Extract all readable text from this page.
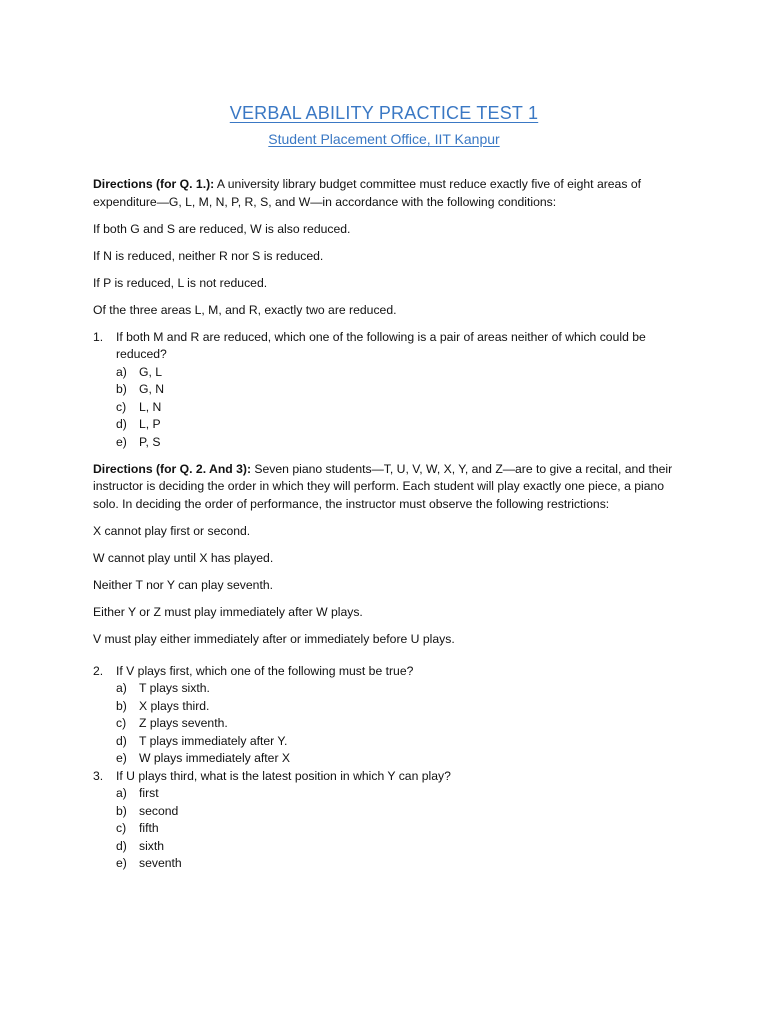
VERBAL ABILITY PRACTICE TEST 1
Student Placement Office, IIT Kanpur

Directions (for Q. 1.): A university library budget committee must reduce exactly five of eight areas of expenditure—G, L, M, N, P, R, S, and W—in accordance with the following conditions:

If both G and S are reduced, W is also reduced.

If N is reduced, neither R nor S is reduced.

If P is reduced, L is not reduced.

Of the three areas L, M, and R, exactly two are reduced.

1.	If both M and R are reduced, which one of the following is a pair of areas neither of which could be reduced?
a) G, L
b) G, N
c)	L, N
d) L, P
e) P, S

Directions (for Q. 2. And 3): Seven piano students—T, U, V, W, X, Y, and Z—are to give a recital, and their instructor is deciding the order in which they will perform. Each student will play exactly one piece, a piano solo. In deciding the order of performance, the instructor must observe the following restrictions:

X cannot play first or second.

W cannot play until X has played.

Neither T nor Y can play seventh.

Either Y or Z must play immediately after W plays.

V must play either immediately after or immediately before U plays.

2.	If V plays first, which one of the following must be true?
a) T plays sixth.
b) X plays third.
c)	Z plays seventh.
d) T plays immediately after Y.
e) W plays immediately after X
3.	If U plays third, what is the latest position in which Y can play?
a) first
b) second
c)	fifth
d) sixth
e) seventh
